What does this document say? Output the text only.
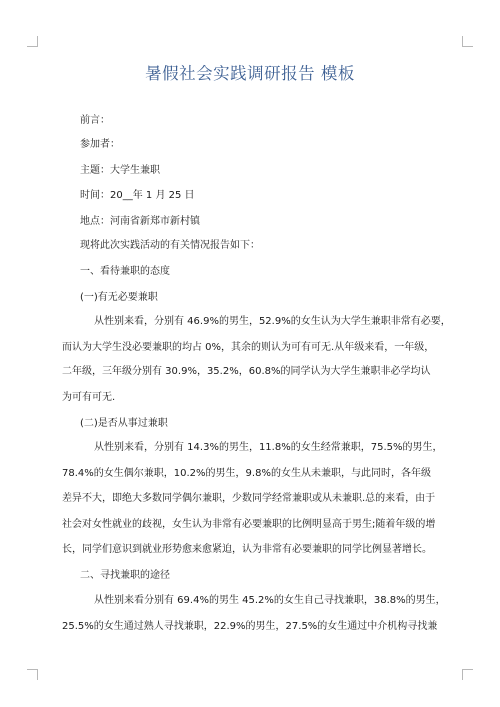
暑假社会实践调研报告 模板
前言：
参加者：
主题：大学生兼职
时间：20__年 1 月 25 日
地点：河南省新郑市新村镇
现将此次实践活动的有关情况报告如下：
一、看待兼职的态度
(一)有无必要兼职
从性别来看，分别有 46.9%的男生，52.9%的女生认为大学生兼职非常有必要，
而认为大学生没必要兼职的均占 0%，其余的则认为可有可无.从年级来看，一年级，
二年级，三年级分别有 30.9%，35.2%，60.8%的同学认为大学生兼职非必学均认
为可有可无.
(二)是否从事过兼职
从性别来看，分别有 14.3%的男生，11.8%的女生经常兼职，75.5%的男生，
78.4%的女生偶尔兼职，10.2%的男生，9.8%的女生从未兼职，与此同时，各年级
差异不大，即绝大多数同学偶尔兼职，少数同学经常兼职或从未兼职.总的来看，由于
社会对女性就业的歧视，女生认为非常有必要兼职的比例明显高于男生;随着年级的增
长，同学们意识到就业形势愈来愈紧迫，认为非常有必要兼职的同学比例显著增长。
二、寻找兼职的途径
从性别来看分别有 69.4%的男生 45.2%的女生自己寻找兼职，38.8%的男生，
25.5%的女生通过熟人寻找兼职，22.9%的男生，27.5%的女生通过中介机构寻找兼
